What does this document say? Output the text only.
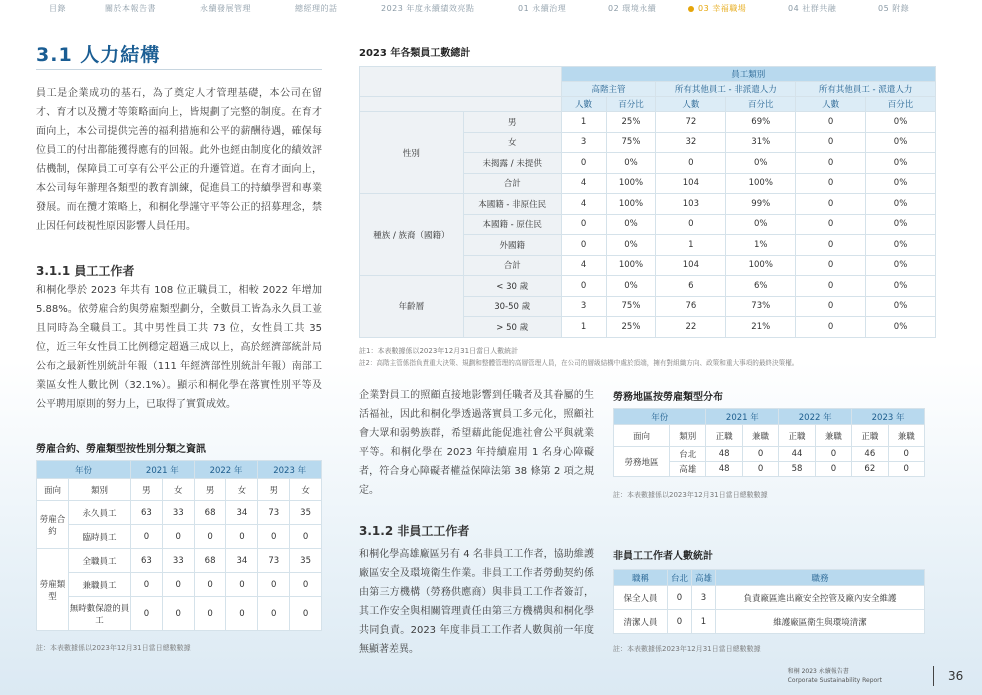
目錄	關於本報告書	永續發展管理	總經理的話	2023 年度永續績效亮點	01 永續治理	02 環境永續	03 幸福職場	04 社群共融	05 附錄
3.1 人力結構
員工是企業成功的基石，為了奠定人才管理基礎，本公司在留才、育才以及攬才等策略面向上，皆規劃了完整的制度。在育才面向上，本公司提供完善的福利措施和公平的薪酬待遇，確保每位員工的付出都能獲得應有的回報。此外也經由制度化的績效評估機制，保障員工可享有公平公正的升遷管道。在育才面向上，本公司每年辦理各類型的教育訓練，促進員工的持續學習和專業發展。而在攬才策略上，和桐化學謹守平等公正的招募理念，禁止因任何歧視性原因影響人員任用。
3.1.1 員工工作者
和桐化學於 2023 年共有 108 位正職員工，相較 2022 年增加 5.88%。依勞雇合約與勞雇類型劃分，全數員工皆為永久員工並且同時為全職員工。其中男性員工共 73 位，女性員工共 35 位，近三年女性員工比例穩定超過三成以上，高於經濟部統計局公布之最新性別統計年報（111 年經濟部性別統計年報）南部工業區女性人數比例（32.1%）。顯示和桐化學在落實性別平等及公平聘用原則的努力上，已取得了實質成效。
勞雇合約、勞雇類型按性別分類之資訊
年份		2021 年		2022 年		2023 年	
面向	類別	男	女	男	女	男	女
勞雇合約	永久員工	63	33	68	34	73	35
	臨時員工	0	0	0	0	0	0
勞雇類型	全職員工	63	33	68	34	73	35
	兼職員工	0	0	0	0	0	0
	無時數保證的員工	0	0	0	0	0	0
註：本表數據係以2023年12月31日當日總數數據
2023 年各類員工數總計
		員工類別					
		高階主管		所有其他員工 - 非派遣人力		所有其他員工 - 派遣人力	
		人數	百分比	人數	百分比	人數	百分比
性別	男	1	25%	72	69%	0	0%
	女	3	75%	32	31%	0	0%
	未揭露 / 未提供	0	0%	0	0%	0	0%
	合計	4	100%	104	100%	0	0%
種族 / 族裔（國籍）	本國籍 - 非原住民	4	100%	103	99%	0	0%
	本國籍 - 原住民	0	0%	0	0%	0	0%
	外國籍	0	0%	1	1%	0	0%
	合計	4	100%	104	100%	0	0%
年齡層	< 30 歲	0	0%	6	6%	0	0%
	30-50 歲	3	75%	76	73%	0	0%
	> 50 歲	1	25%	22	21%	0	0%
註1：本表數據係以2023年12月31日當日人數統計
註2：高階主管係指負責重大決策、規劃和整體管理的高層管理人員，在公司的層級結構中處於頂端，擁有對組織方向、政策和重大事項的最終決策權。
企業對員工的照顧直接地影響到任職者及其眷屬的生活福祉，因此和桐化學透過落實員工多元化，照顧社會大眾和弱勢族群，希望藉此能促進社會公平與就業平等。和桐化學在 2023 年持續雇用 1 名身心障礙者，符合身心障礙者權益保障法第 38 條第 2 項之規定。
3.1.2 非員工工作者
和桐化學高雄廠區另有 4 名非員工工作者，協助維護廠區安全及環境衛生作業。非員工工作者勞動契約係由第三方機構（勞務供應商）與非員工工作者簽訂，其工作安全與相關管理責任由第三方機構與和桐化學共同負責。2023 年度非員工工作者人數與前一年度無顯著差異。
勞務地區按勞雇類型分布
年份		2021 年		2022 年		2023 年	
面向	類別	正職	兼職	正職	兼職	正職	兼職
勞務地區	台北	48	0	44	0	46	0
	高雄	48	0	58	0	62	0
註：本表數據係以2023年12月31日當日總數數據
非員工工作者人數統計
職稱	台北	高雄	職務
保全人員	0	3	負責廠區進出廠安全控管及廠內安全維護
清潔人員	0	1	維護廠區衛生與環境清潔
註：本表數據係2023年12月31日當日總數數據
和桐 2023 永續報告書
Corporate Sustainability Report	36
